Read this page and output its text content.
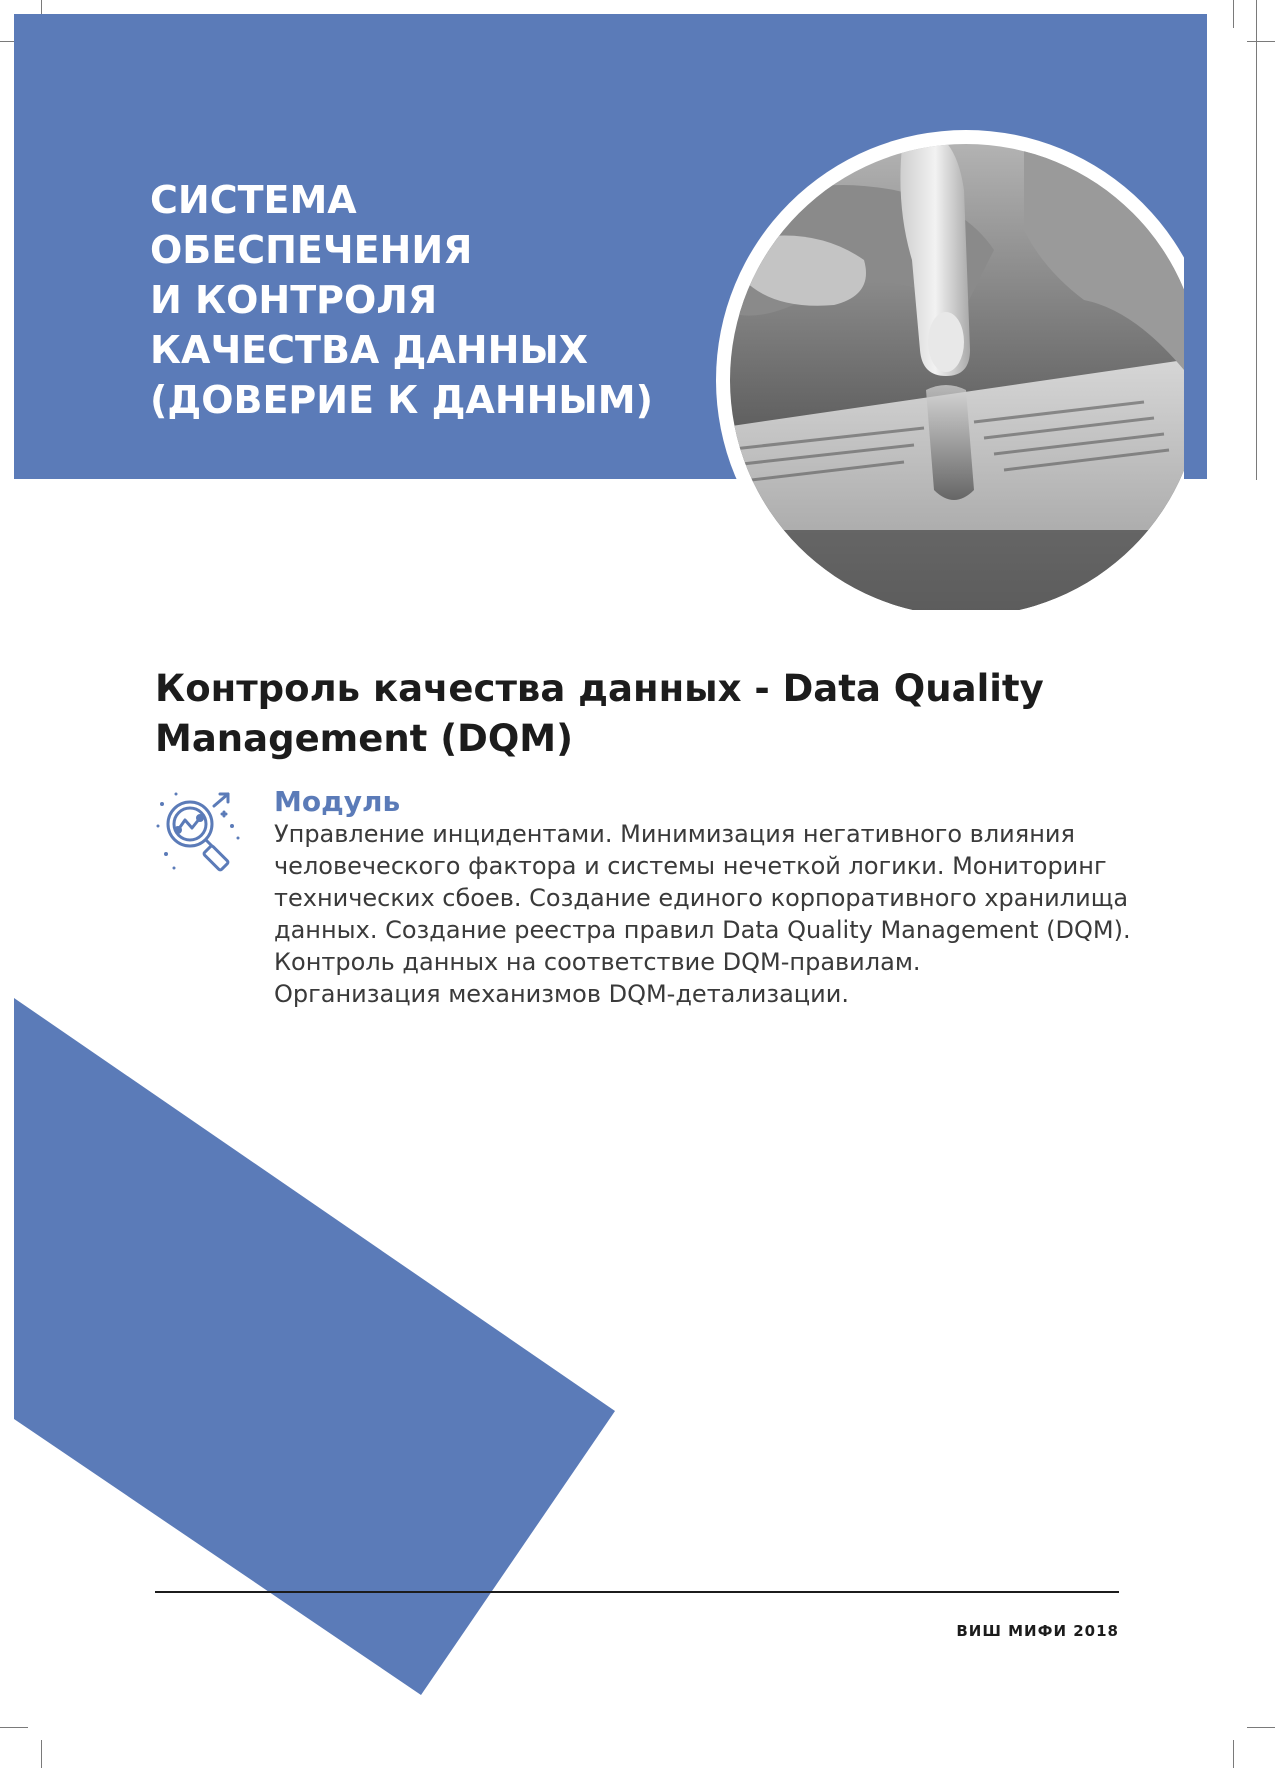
СИСТЕМА
ОБЕСПЕЧЕНИЯ
И КОНТРОЛЯ
КАЧЕСТВА ДАННЫХ
(ДОВЕРИЕ К ДАННЫМ)
Контроль качества данных - Data Quality
Management (DQM)
Модуль

Управление инцидентами. Минимизация негативного влияния
человеческого фактора и системы нечеткой логики. Мониторинг
технических сбоев. Создание единого корпоративного хранилища
данных. Создание реестра правил Data Quality Management (DQM).
Контроль данных на соответствие DQM-правилам.
Организация механизмов DQM-детализации.

ВИШ МИФИ 2018
